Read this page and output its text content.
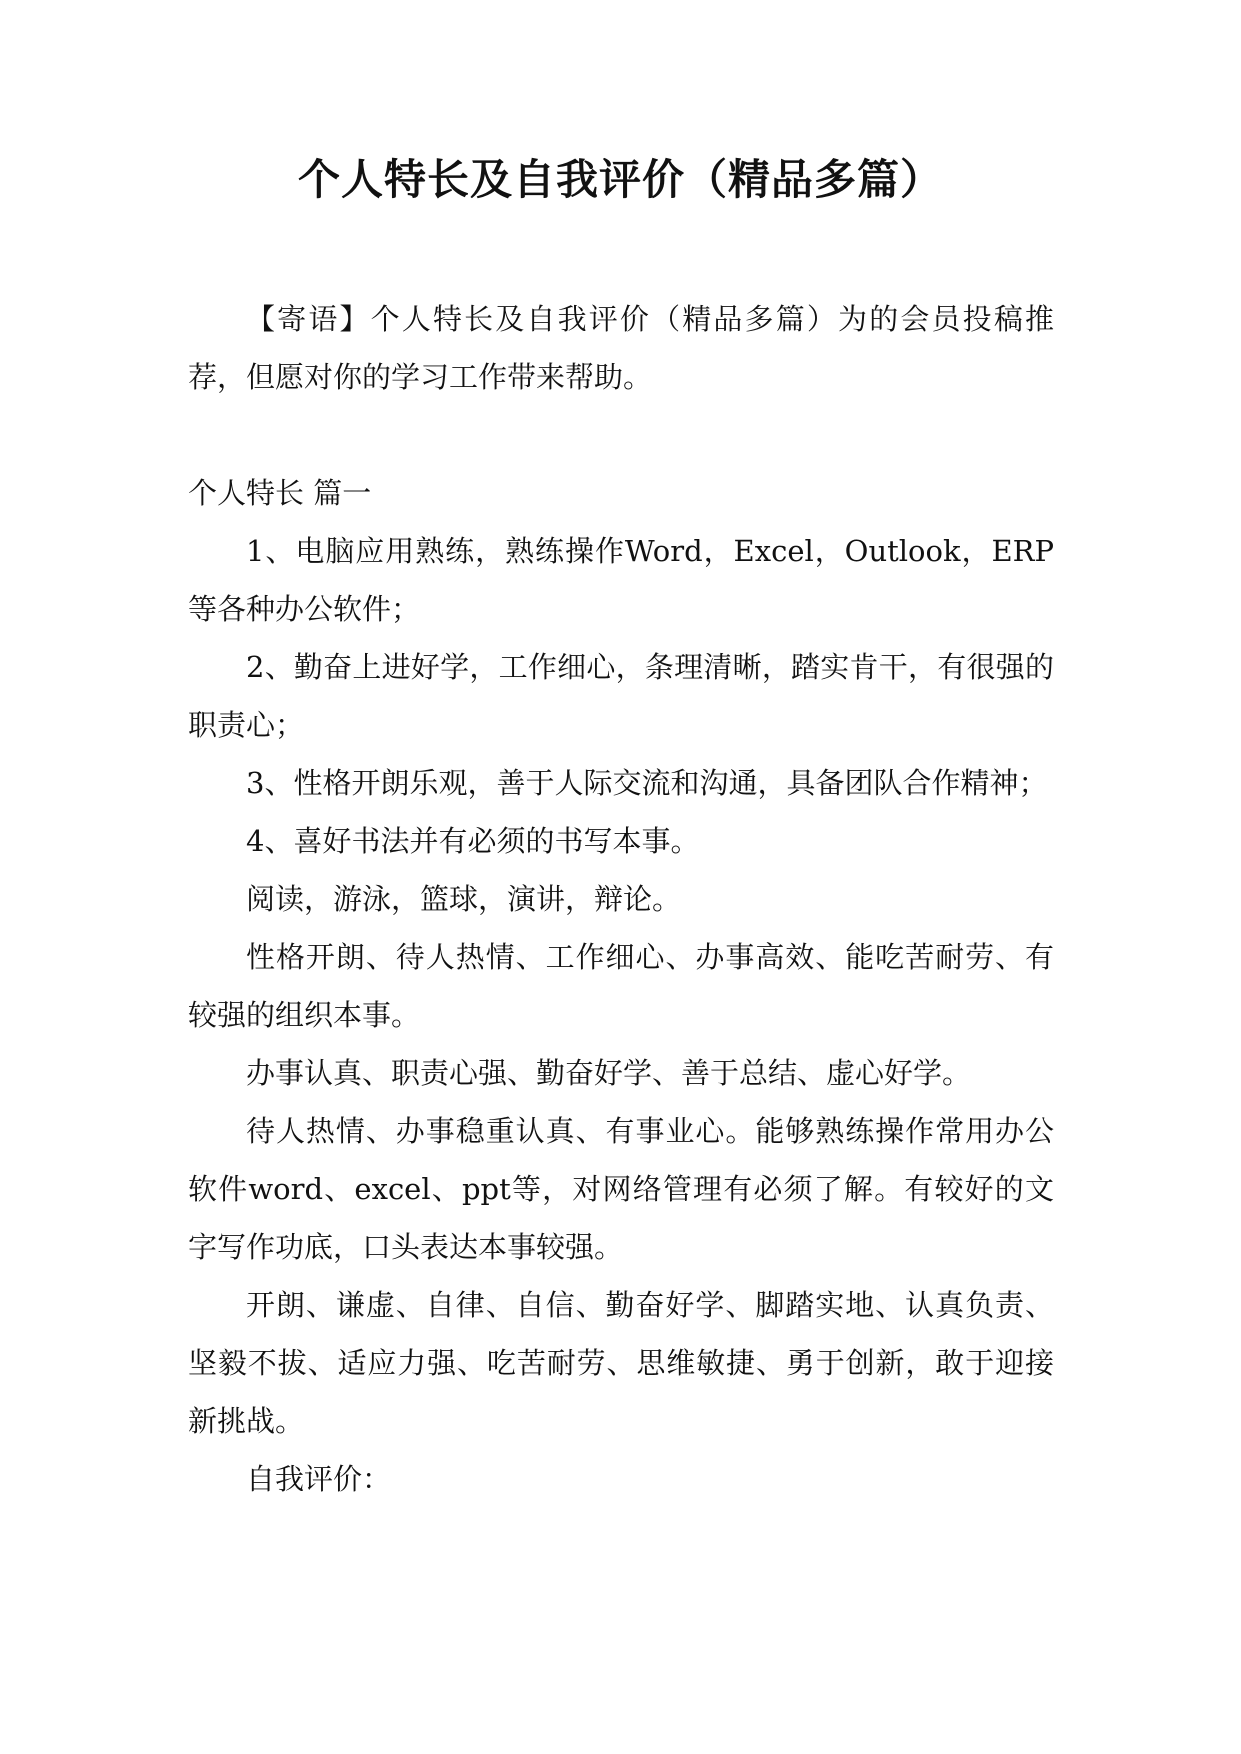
个人特长及自我评价（精品多篇）

【寄语】个人特长及自我评价（精品多篇）为的会员投稿推荐，但愿对你的学习工作带来帮助。

个人特长 篇一

1、电脑应用熟练，熟练操作Word，Excel，Outlook，ERP等各种办公软件；

2、勤奋上进好学，工作细心，条理清晰，踏实肯干，有很强的职责心；

3、性格开朗乐观，善于人际交流和沟通，具备团队合作精神；

4、喜好书法并有必须的书写本事。

阅读，游泳，篮球，演讲，辩论。

性格开朗、待人热情、工作细心、办事高效、能吃苦耐劳、有较强的组织本事。

办事认真、职责心强、勤奋好学、善于总结、虚心好学。

待人热情、办事稳重认真、有事业心。能够熟练操作常用办公软件word、excel、ppt等，对网络管理有必须了解。有较好的文字写作功底，口头表达本事较强。

开朗、谦虚、自律、自信、勤奋好学、脚踏实地、认真负责、坚毅不拔、适应力强、吃苦耐劳、思维敏捷、勇于创新，敢于迎接新挑战。

自我评价：
